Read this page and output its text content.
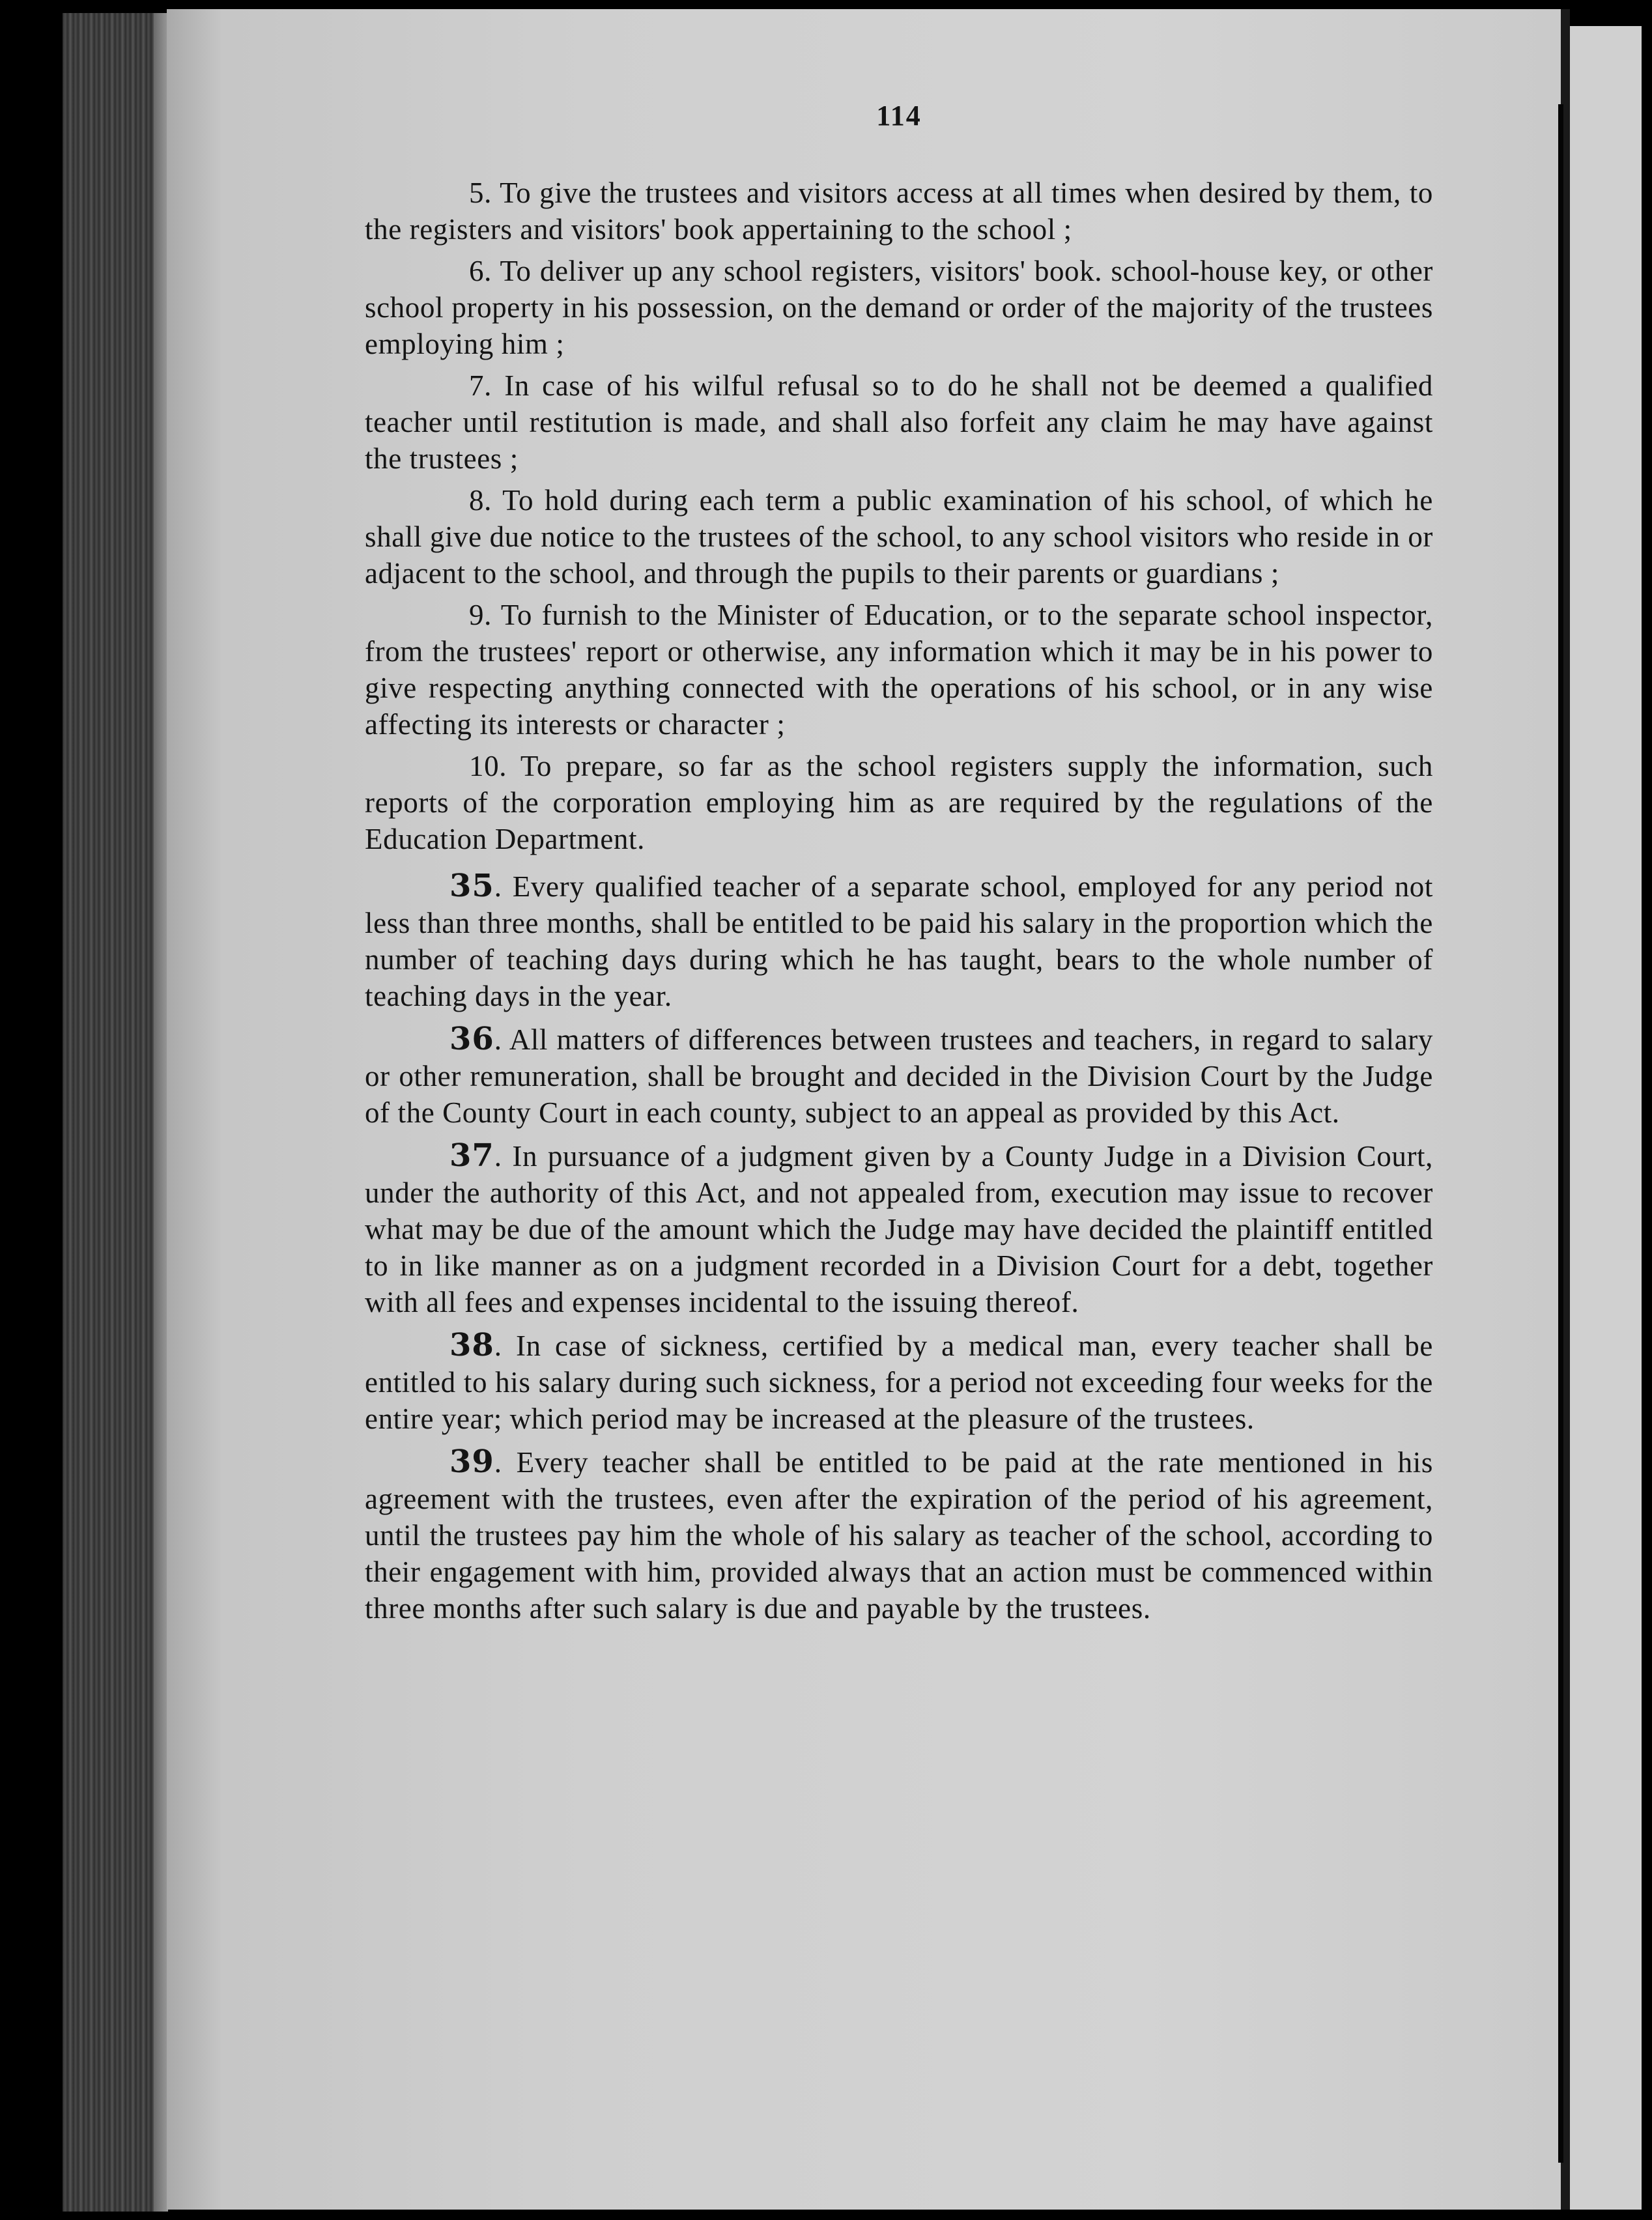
114

5. To give the trustees and visitors access at all times when desired by them, to the registers and visitors' book appertaining to the school ;

6. To deliver up any school registers, visitors' book. school-house key, or other school property in his possession, on the demand or order of the majority of the trustees employing him ;

7. In case of his wilful refusal so to do he shall not be deemed a qualified teacher until restitution is made, and shall also forfeit any claim he may have against the trustees ;

8. To hold during each term a public examination of his school, of which he shall give due notice to the trustees of the school, to any school visitors who reside in or adjacent to the school, and through the pupils to their parents or guardians ;

9. To furnish to the Minister of Education, or to the separate school inspector, from the trustees' report or otherwise, any information which it may be in his power to give respecting anything connected with the operations of his school, or in any wise affecting its interests or character ;

10. To prepare, so far as the school registers supply the information, such reports of the corporation employing him as are required by the regulations of the Education Department.

35. Every qualified teacher of a separate school, employed for any period not less than three months, shall be entitled to be paid his salary in the proportion which the number of teaching days during which he has taught, bears to the whole number of teaching days in the year.

36. All matters of differences between trustees and teachers, in regard to salary or other remuneration, shall be brought and decided in the Division Court by the Judge of the County Court in each county, subject to an appeal as provided by this Act.

37. In pursuance of a judgment given by a County Judge in a Division Court, under the authority of this Act, and not appealed from, execution may issue to recover what may be due of the amount which the Judge may have decided the plaintiff entitled to in like manner as on a judgment recorded in a Division Court for a debt, together with all fees and expenses incidental to the issuing thereof.

38. In case of sickness, certified by a medical man, every teacher shall be entitled to his salary during such sickness, for a period not exceeding four weeks for the entire year; which period may be increased at the pleasure of the trustees.

39. Every teacher shall be entitled to be paid at the rate mentioned in his agreement with the trustees, even after the expiration of the period of his agreement, until the trustees pay him the whole of his salary as teacher of the school, according to their engagement with him, provided always that an action must be commenced within three months after such salary is due and payable by the trustees.
